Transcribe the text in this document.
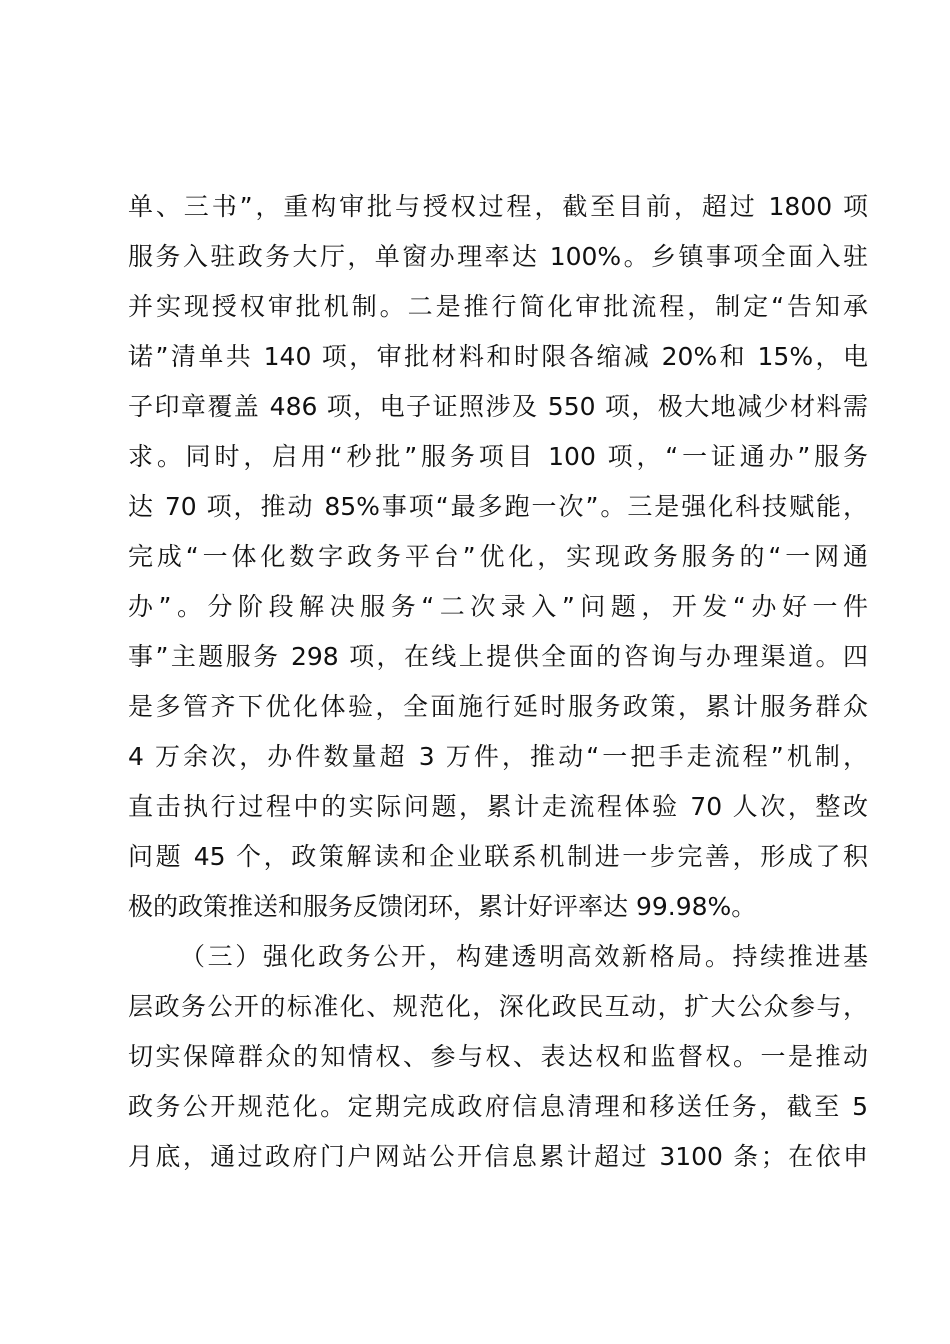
单、三书”，重构审批与授权过程，截至目前，超过 1800 项
服务入驻政务大厅，单窗办理率达 100%。乡镇事项全面入驻
并实现授权审批机制。二是推行简化审批流程，制定“告知承
诺”清单共 140 项，审批材料和时限各缩减 20%和 15%，电
子印章覆盖 486 项，电子证照涉及 550 项，极大地减少材料需
求。同时，启用“秒批”服务项目 100 项，“一证通办”服务
达 70 项，推动 85%事项“最多跑一次”。三是强化科技赋能，
完成“一体化数字政务平台”优化，实现政务服务的“一网通
办”。分阶段解决服务“二次录入”问题，开发“办好一件
事”主题服务 298 项，在线上提供全面的咨询与办理渠道。四
是多管齐下优化体验，全面施行延时服务政策，累计服务群众
4 万余次，办件数量超 3 万件，推动“一把手走流程”机制，
直击执行过程中的实际问题，累计走流程体验 70 人次，整改
问题 45 个，政策解读和企业联系机制进一步完善，形成了积
极的政策推送和服务反馈闭环，累计好评率达 99.98%。
（三）强化政务公开，构建透明高效新格局。持续推进基
层政务公开的标准化、规范化，深化政民互动，扩大公众参与，
切实保障群众的知情权、参与权、表达权和监督权。一是推动
政务公开规范化。定期完成政府信息清理和移送任务，截至 5
月底，通过政府门户网站公开信息累计超过 3100 条；在依申
